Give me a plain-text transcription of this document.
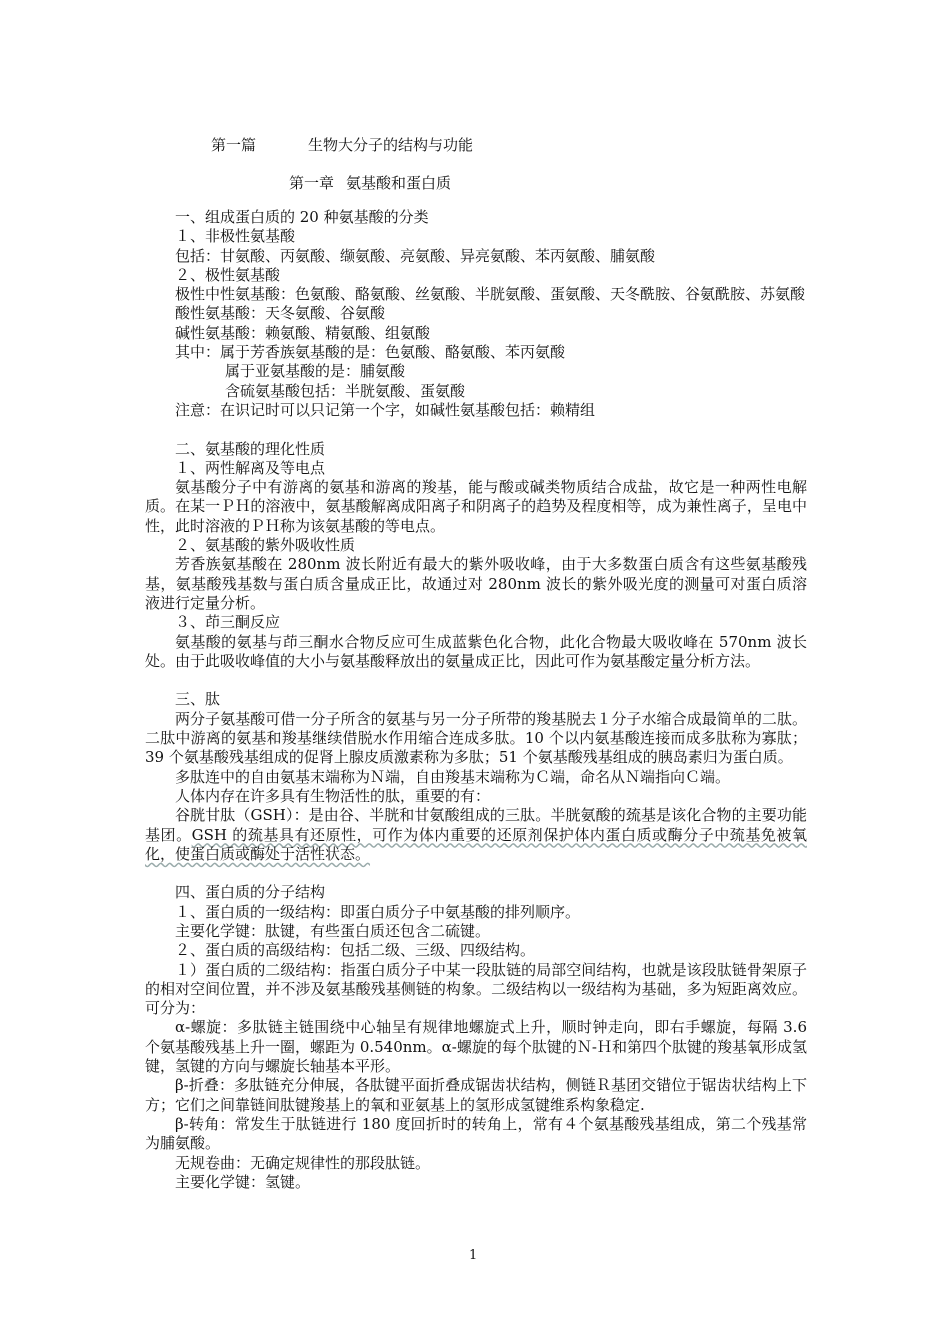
第一篇	生物大分子的结构与功能
第一章 氨基酸和蛋白质
一、组成蛋白质的 20 种氨基酸的分类
１、非极性氨基酸
包括：甘氨酸、丙氨酸、缬氨酸、亮氨酸、异亮氨酸、苯丙氨酸、脯氨酸
２、极性氨基酸
极性中性氨基酸：色氨酸、酪氨酸、丝氨酸、半胱氨酸、蛋氨酸、天冬酰胺、谷氨酰胺、苏氨酸
酸性氨基酸：天冬氨酸、谷氨酸
碱性氨基酸：赖氨酸、精氨酸、组氨酸
其中：属于芳香族氨基酸的是：色氨酸、酪氨酸、苯丙氨酸
属于亚氨基酸的是：脯氨酸
含硫氨基酸包括：半胱氨酸、蛋氨酸
注意：在识记时可以只记第一个字，如碱性氨基酸包括：赖精组
二、氨基酸的理化性质
１、两性解离及等电点
氨基酸分子中有游离的氨基和游离的羧基，能与酸或碱类物质结合成盐，故它是一种两性电解质。在某一ＰＨ的溶液中，氨基酸解离成阳离子和阴离子的趋势及程度相等，成为兼性离子，呈电中性，此时溶液的ＰＨ称为该氨基酸的等电点。
２、氨基酸的紫外吸收性质
芳香族氨基酸在 280nm 波长附近有最大的紫外吸收峰，由于大多数蛋白质含有这些氨基酸残基，氨基酸残基数与蛋白质含量成正比，故通过对 280nm 波长的紫外吸光度的测量可对蛋白质溶液进行定量分析。
３、茚三酮反应
氨基酸的氨基与茚三酮水合物反应可生成蓝紫色化合物，此化合物最大吸收峰在 570nm 波长处。由于此吸收峰值的大小与氨基酸释放出的氨量成正比，因此可作为氨基酸定量分析方法。
三、肽
两分子氨基酸可借一分子所含的氨基与另一分子所带的羧基脱去１分子水缩合成最简单的二肽。二肽中游离的氨基和羧基继续借脱水作用缩合连成多肽。10 个以内氨基酸连接而成多肽称为寡肽；39 个氨基酸残基组成的促肾上腺皮质激素称为多肽；51 个氨基酸残基组成的胰岛素归为蛋白质。
多肽连中的自由氨基末端称为Ｎ端，自由羧基末端称为Ｃ端，命名从Ｎ端指向Ｃ端。
人体内存在许多具有生物活性的肽，重要的有：
谷胱甘肽（GSH）：是由谷、半胱和甘氨酸组成的三肽。半胱氨酸的巯基是该化合物的主要功能基团。GSH 的巯基具有还原性，可作为体内重要的还原剂保护体内蛋白质或酶分子中巯基免被氧化，使蛋白质或酶处于活性状态。
四、蛋白质的分子结构
１、蛋白质的一级结构：即蛋白质分子中氨基酸的排列顺序。
主要化学键：肽键，有些蛋白质还包含二硫键。
２、蛋白质的高级结构：包括二级、三级、四级结构。
１）蛋白质的二级结构：指蛋白质分子中某一段肽链的局部空间结构，也就是该段肽链骨架原子的相对空间位置，并不涉及氨基酸残基侧链的构象。二级结构以一级结构为基础，多为短距离效应。可分为：
α-螺旋：多肽链主链围绕中心轴呈有规律地螺旋式上升，顺时钟走向，即右手螺旋，每隔 3.6 个氨基酸残基上升一圈，螺距为 0.540nm。α-螺旋的每个肽键的Ｎ-Ｈ和第四个肽键的羧基氧形成氢键，氢键的方向与螺旋长轴基本平形。
β-折叠：多肽链充分伸展，各肽键平面折叠成锯齿状结构，侧链Ｒ基团交错位于锯齿状结构上下方；它们之间靠链间肽键羧基上的氧和亚氨基上的氢形成氢键维系构象稳定.
β-转角：常发生于肽链进行 180 度回折时的转角上，常有４个氨基酸残基组成，第二个残基常为脯氨酸。
无规卷曲：无确定规律性的那段肽链。
主要化学键：氢键。
1
